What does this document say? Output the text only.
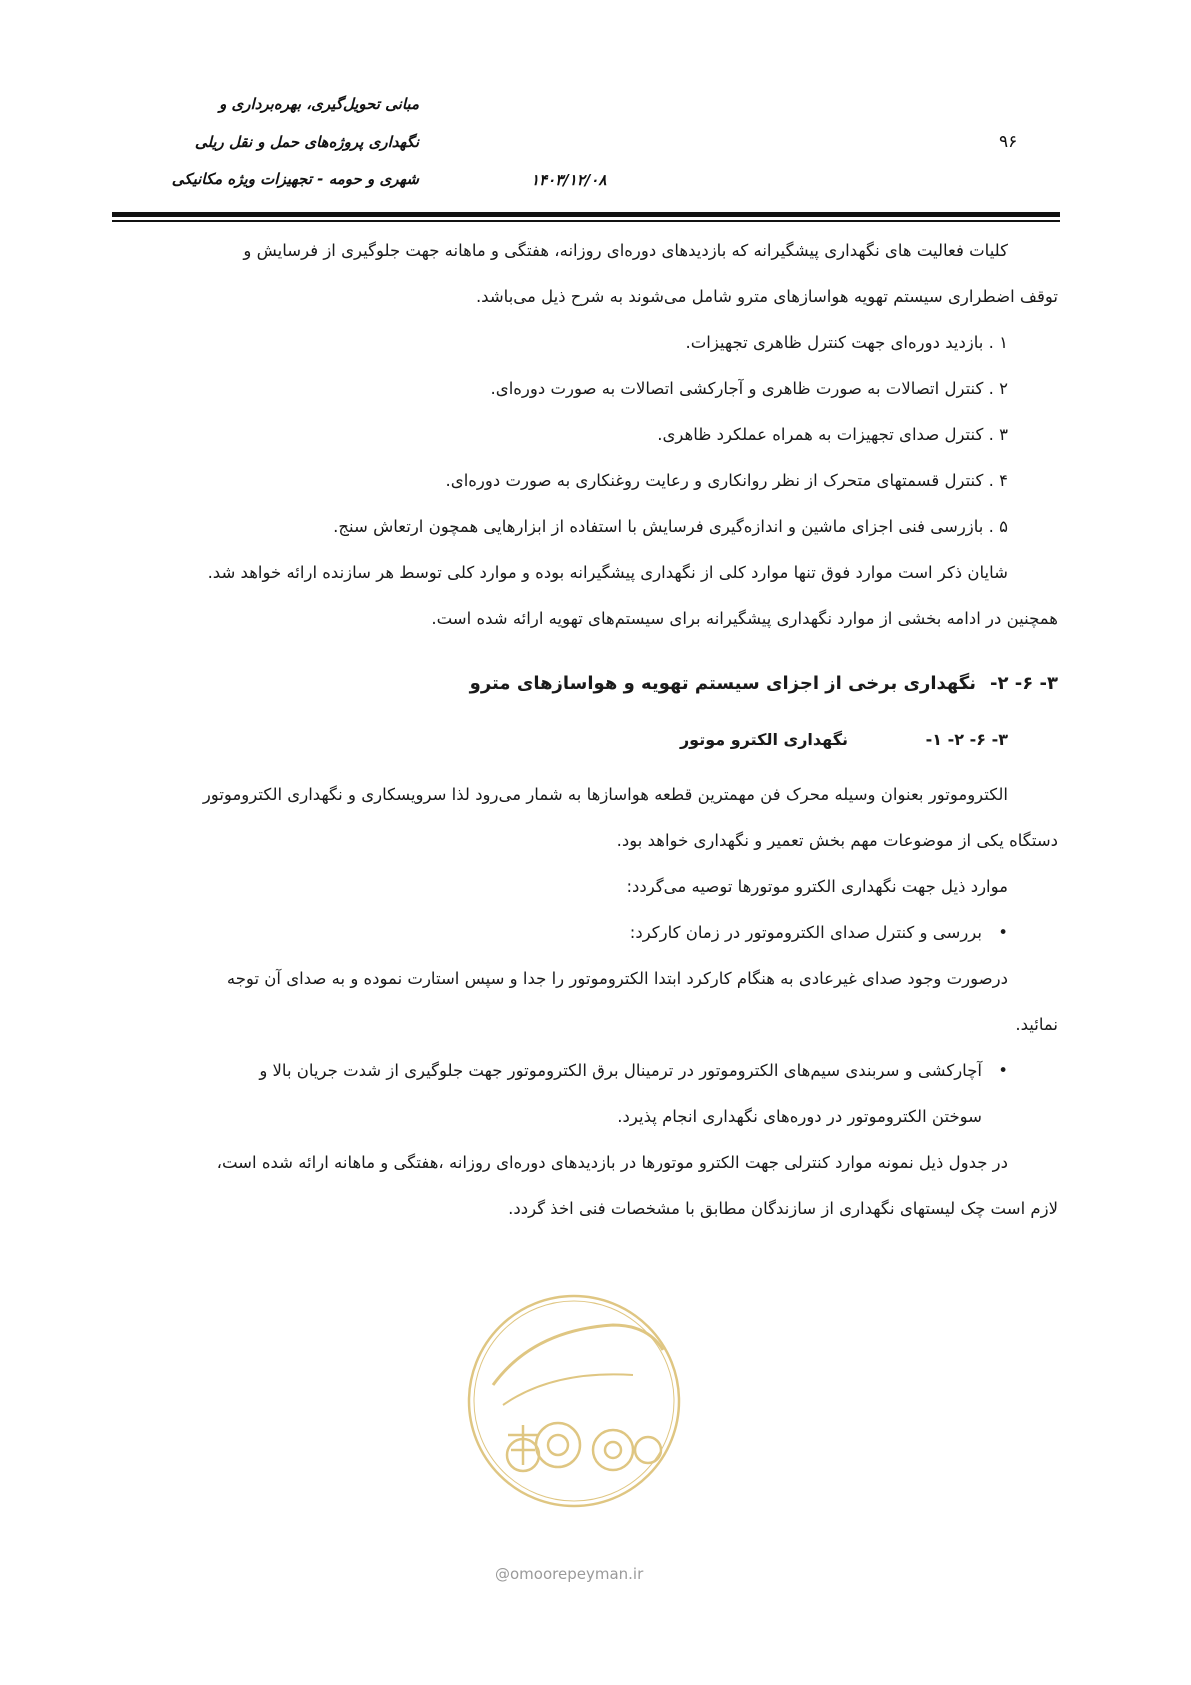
مبانی تحویل‌گیری، بهره‌برداری و
نگهداری پروژه‌های حمل و نقل ریلی
شهری و حومه - تجهیزات ویژه مکانیکی	۱۴۰۳/۱۲/۰۸
۹۶

کلیات فعالیت های نگهداری پیشگیرانه که بازدیدهای دوره‌ای روزانه، هفتگی و ماهانه جهت جلوگیری از فرسایش و

توقف اضطراری سیستم تهویه هواسازهای مترو شامل می‌شوند به شرح ذیل می‌باشد.

۱ . بازدید دوره‌ای جهت کنترل ظاهری تجهیزات.

۲ . کنترل اتصالات به صورت ظاهری و آجارکشی اتصالات به صورت دوره‌ای.

۳ . کنترل صدای تجهیزات به همراه عملکرد ظاهری.

۴ . کنترل قسمتهای متحرک از نظر روانکاری و رعایت روغنکاری به صورت دوره‌ای.

۵ . بازرسی فنی اجزای ماشین و اندازه‌گیری فرسایش با استفاده از ابزارهایی همچون ارتعاش سنج.

شایان ذکر است موارد فوق تنها موارد کلی از نگهداری پیشگیرانه بوده و موارد کلی توسط هر سازنده ارائه خواهد شد.

همچنین در ادامه بخشی از موارد نگهداری پیشگیرانه برای سیستم‌های تهویه ارائه شده است.

۳- ۶- ۲-نگهداری برخی از اجزای سیستم تهویه و هواسازهای مترو

۳- ۶- ۲- ۱-نگهداری الکترو موتور

الکتروموتور بعنوان وسیله محرک فن مهمترین قطعه هواسازها به شمار می‌رود لذا سرویسکاری و نگهداری الکتروموتور

دستگاه یکی از موضوعات مهم بخش تعمیر و نگهداری خواهد بود.

موارد ذیل جهت نگهداری الکترو موتورها توصیه می‌گردد:

•
بررسی و کنترل صدای الکتروموتور در زمان کارکرد:

درصورت وجود صدای غیرعادی به هنگام کارکرد ابتدا الکتروموتور را جدا و سپس استارت نموده و به صدای آن توجه

نمائید.

•
آچارکشی و سربندی سیم‌های الکتروموتور در ترمینال برق الکتروموتور جهت جلوگیری از شدت جریان بالا و

سوختن الکتروموتور در دوره‌های نگهداری انجام پذیرد.

در جدول ذیل نمونه موارد کنترلی جهت الکترو موتورها در بازدیدهای دوره‌ای روزانه ،هفتگی و ماهانه ارائه شده است،

لازم است چک لیستهای نگهداری از سازندگان مطابق با مشخصات فنی اخذ گردد.

@omoorepeyman.ir
